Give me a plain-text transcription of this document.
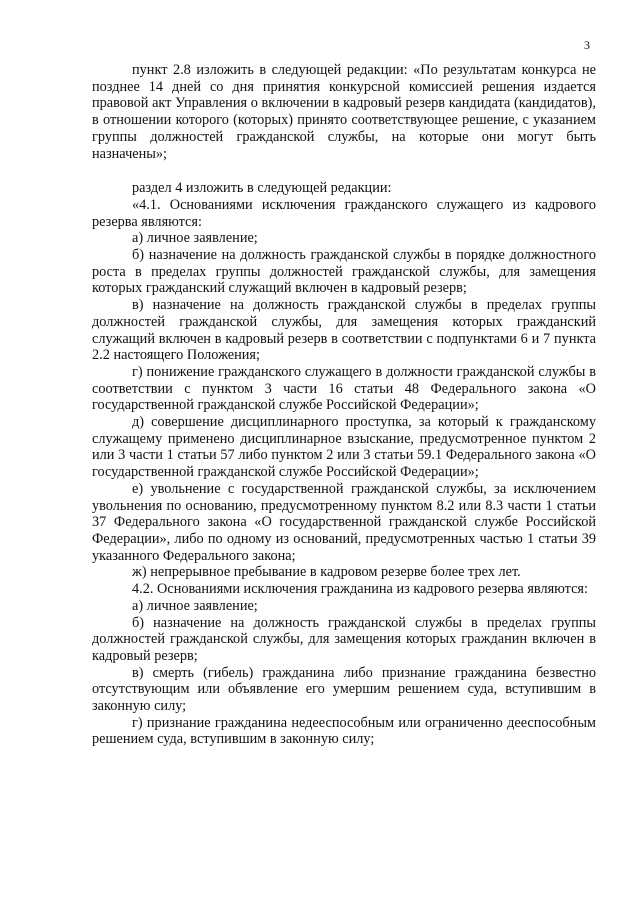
3

пункт 2.8 изложить в следующей редакции: «По результатам конкурса не позднее 14 дней со дня принятия конкурсной комиссией решения издается правовой акт Управления о включении в кадровый резерв кандидата (кандидатов), в отношении которого (которых) принято соответствующее решение, с указанием группы должностей гражданской службы, на которые они могут быть назначены»;

раздел 4 изложить в следующей редакции:

«4.1. Основаниями исключения гражданского служащего из кадрового резерва являются:

а) личное заявление;

б) назначение на должность гражданской службы в порядке должностного роста в пределах группы должностей гражданской службы, для замещения которых гражданский служащий включен в кадровый резерв;

в) назначение на должность гражданской службы в пределах группы должностей гражданской службы, для замещения которых гражданский служащий включен в кадровый резерв в соответствии с подпунктами 6 и 7 пункта 2.2 настоящего Положения;

г) понижение гражданского служащего в должности гражданской службы в соответствии с пунктом 3 части 16 статьи 48 Федерального закона «О государственной гражданской службе Российской Федерации»;

д) совершение дисциплинарного проступка, за который к гражданскому служащему применено дисциплинарное взыскание, предусмотренное пунктом 2 или 3 части 1 статьи 57 либо пунктом 2 или 3 статьи 59.1 Федерального закона «О государственной гражданской службе Российской Федерации»;

е) увольнение с государственной гражданской службы, за исключением увольнения по основанию, предусмотренному пунктом 8.2 или 8.3 части 1 статьи 37 Федерального закона «О государственной гражданской службе Российской Федерации», либо по одному из оснований, предусмотренных частью 1 статьи 39 указанного Федерального закона;

ж) непрерывное пребывание в кадровом резерве более трех лет.

4.2. Основаниями исключения гражданина из кадрового резерва являются:

а) личное заявление;

б) назначение на должность гражданской службы в пределах группы должностей гражданской службы, для замещения которых гражданин включен в кадровый резерв;

в) смерть (гибель) гражданина либо признание гражданина безвестно отсутствующим или объявление его умершим решением суда, вступившим в законную силу;

г) признание гражданина недееспособным или ограниченно дееспособным решением суда, вступившим в законную силу;
